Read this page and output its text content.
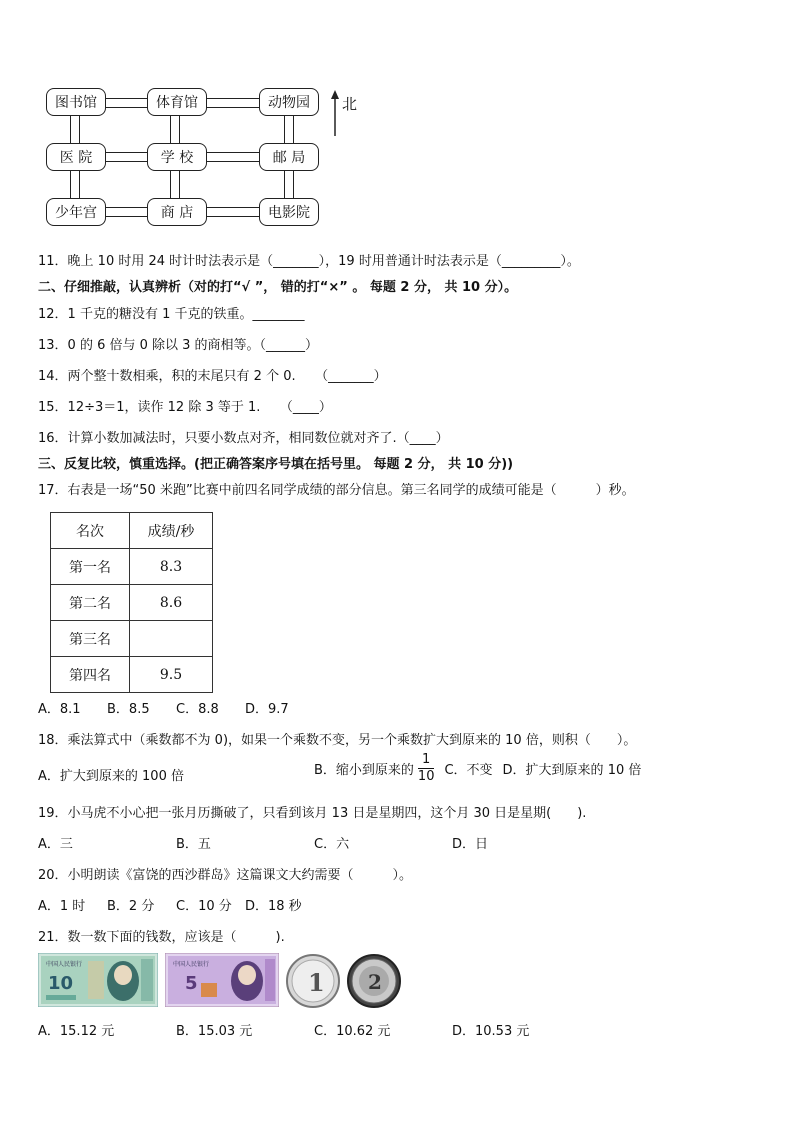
图书馆	体育馆	动物园
医 院	学 校	邮 局
少年宫	商 店	电影院
北
11．晚上 10 时用 24 时计时法表示是（_______），19 时用普通计时法表示是（_________）。
二、仔细推敲，认真辨析（对的打“√ ”， 错的打“×” 。 每题 2 分， 共 10 分）。
12．1 千克的糖没有 1 千克的铁重。________
13．0 的 6 倍与 0 除以 3 的商相等。（______）
14．两个整十数相乘，积的末尾只有 2 个 0.　　（_______）
15．12÷3＝1，读作 12 除 3 等于 1.　　（____）
16．计算小数加减法时，只要小数点对齐，相同数位就对齐了.（____）
三、反复比较，慎重选择。(把正确答案序号填在括号里。 每题 2 分， 共 10 分))
17．右表是一场“50 米跑”比赛中前四名同学成绩的部分信息。第三名同学的成绩可能是（　　　）秒。
名次	成绩/秒
第一名	8.3
第二名	8.6
第三名	
第四名	9.5
A．8.1 B．8.5 C．8.8 D．9.7
18．乘法算式中（乘数都不为 0)，如果一个乘数不变，另一个乘数扩大到原来的 10 倍，则积（　　）。
A．扩大到原来的 100 倍	B．缩小到原来的 $\frac{1}{10}$ C．不变 D．扩大到原来的 10 倍
19．小马虎不小心把一张月历撕破了，只看到该月 13 日是星期四，这个月 30 日是星期(　　).
A．三	B．五	C．六	D．日
20．小明朗读《富饶的西沙群岛》这篇课文大约需要（　　　）。
A．1 时 B．2 分 C．10 分 D．18 秒
21．数一数下面的钱数，应该是（　　　).
中国人民银行
10
中国人民银行
5	1 2
A．15.12 元	B．15.03 元	C．10.62 元	D．10.53 元
